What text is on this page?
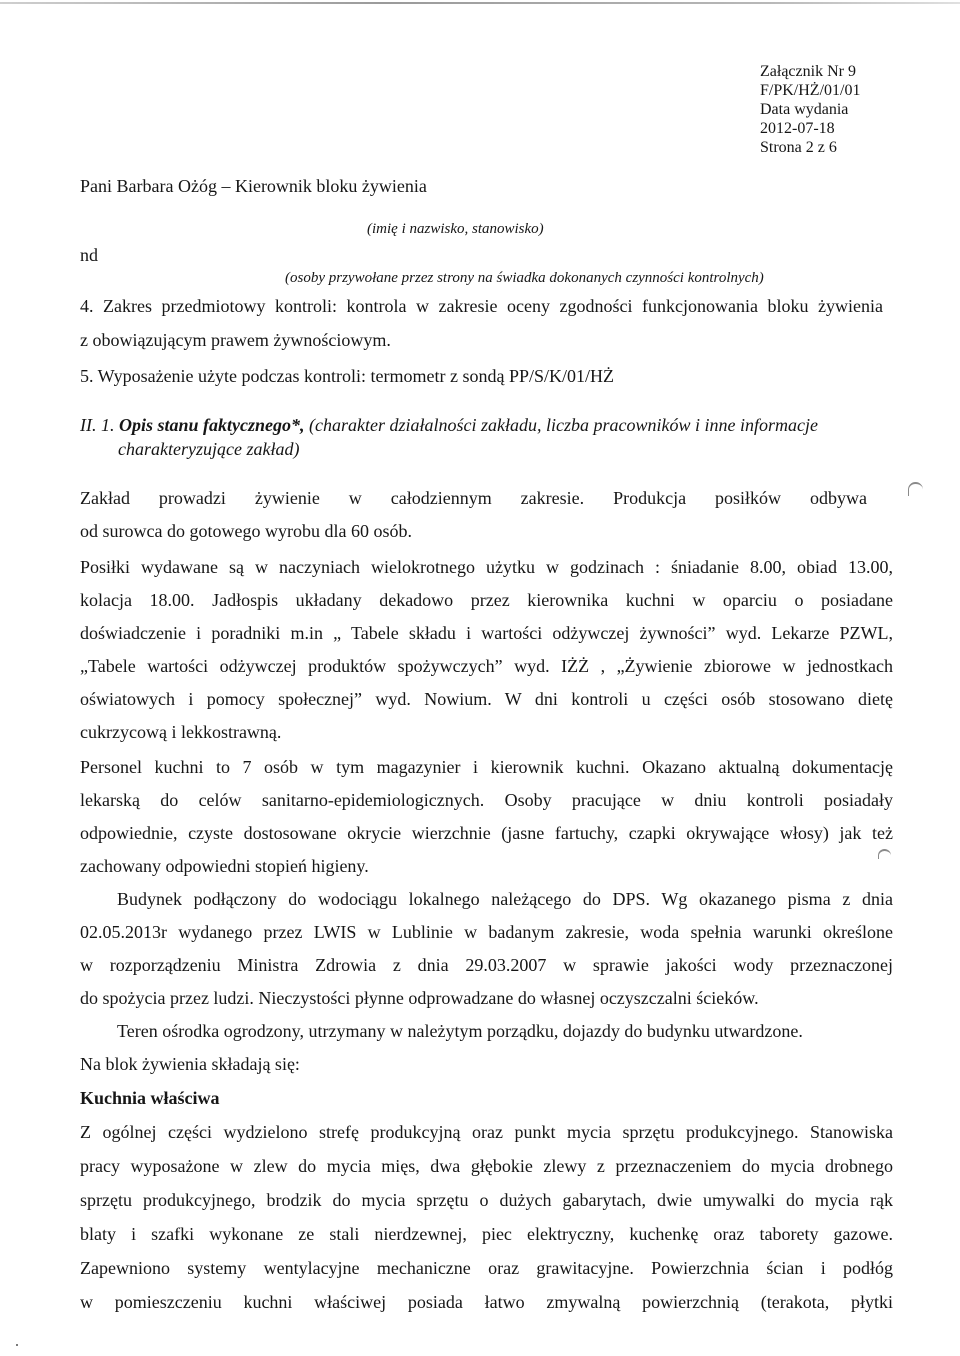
Załącznik Nr 9
F/PK/HŻ/01/01
Data wydania
2012-07-18
Strona 2 z 6
Pani Barbara Ożóg – Kierownik bloku żywienia
(imię i nazwisko, stanowisko)
nd
(osoby przywołane przez strony na świadka dokonanych czynności kontrolnych)
4. Zakres przedmiotowy kontroli: kontrola w zakresie oceny zgodności funkcjonowania bloku żywienia
z obowiązującym prawem żywnościowym.
5. Wyposażenie użyte podczas kontroli: termometr z sondą PP/S/K/01/HŻ
II. 1. Opis stanu faktycznego*, (charakter działalności zakładu, liczba pracowników i inne informacje
charakteryzujące zakład)
Zakład prowadzi żywienie w całodziennym zakresie. Produkcja posiłków odbywa
od surowca do gotowego wyrobu dla 60 osób.
Posiłki wydawane są w naczyniach wielokrotnego użytku w godzinach : śniadanie 8.00, obiad 13.00,
kolacja 18.00. Jadłospis układany dekadowo przez kierownika kuchni w oparciu o posiadane
doświadczenie i poradniki m.in „ Tabele składu i wartości odżywczej żywności” wyd. Lekarze PZWL,
„Tabele wartości odżywczej produktów spożywczych” wyd. IŻŻ , „Żywienie zbiorowe w jednostkach
oświatowych i pomocy społecznej” wyd. Nowium. W dni kontroli u części osób stosowano dietę
cukrzycową i lekkostrawną.
Personel kuchni to 7 osób w tym magazynier i kierownik kuchni. Okazano aktualną dokumentację
lekarską do celów sanitarno-epidemiologicznych. Osoby pracujące w dniu kontroli posiadały
odpowiednie, czyste dostosowane okrycie wierzchnie (jasne fartuchy, czapki okrywające włosy) jak też
zachowany odpowiedni stopień higieny.
Budynek podłączony do wodociągu lokalnego należącego do DPS. Wg okazanego pisma z dnia
02.05.2013r wydanego przez LWIS w Lublinie w badanym zakresie, woda spełnia warunki określone
w rozporządzeniu Ministra Zdrowia z dnia 29.03.2007 w sprawie jakości wody przeznaczonej
do spożycia przez ludzi. Nieczystości płynne odprowadzane do własnej oczyszczalni ścieków.
Teren ośrodka ogrodzony, utrzymany w należytym porządku, dojazdy do budynku utwardzone.
Na blok żywienia składają się:
Kuchnia właściwa
Z ogólnej części wydzielono strefę produkcyjną oraz punkt mycia sprzętu produkcyjnego. Stanowiska
pracy wyposażone w zlew do mycia mięs, dwa głębokie zlewy z przeznaczeniem do mycia drobnego
sprzętu produkcyjnego, brodzik do mycia sprzętu o dużych gabarytach, dwie umywalki do mycia rąk
blaty i szafki wykonane ze stali nierdzewnej, piec elektryczny, kuchenkę oraz taborety gazowe.
Zapewniono systemy wentylacyjne mechaniczne oraz grawitacyjne. Powierzchnia ścian i podłóg
w pomieszczeniu kuchni właściwej posiada łatwo zmywalną powierzchnią (terakota, płytki
